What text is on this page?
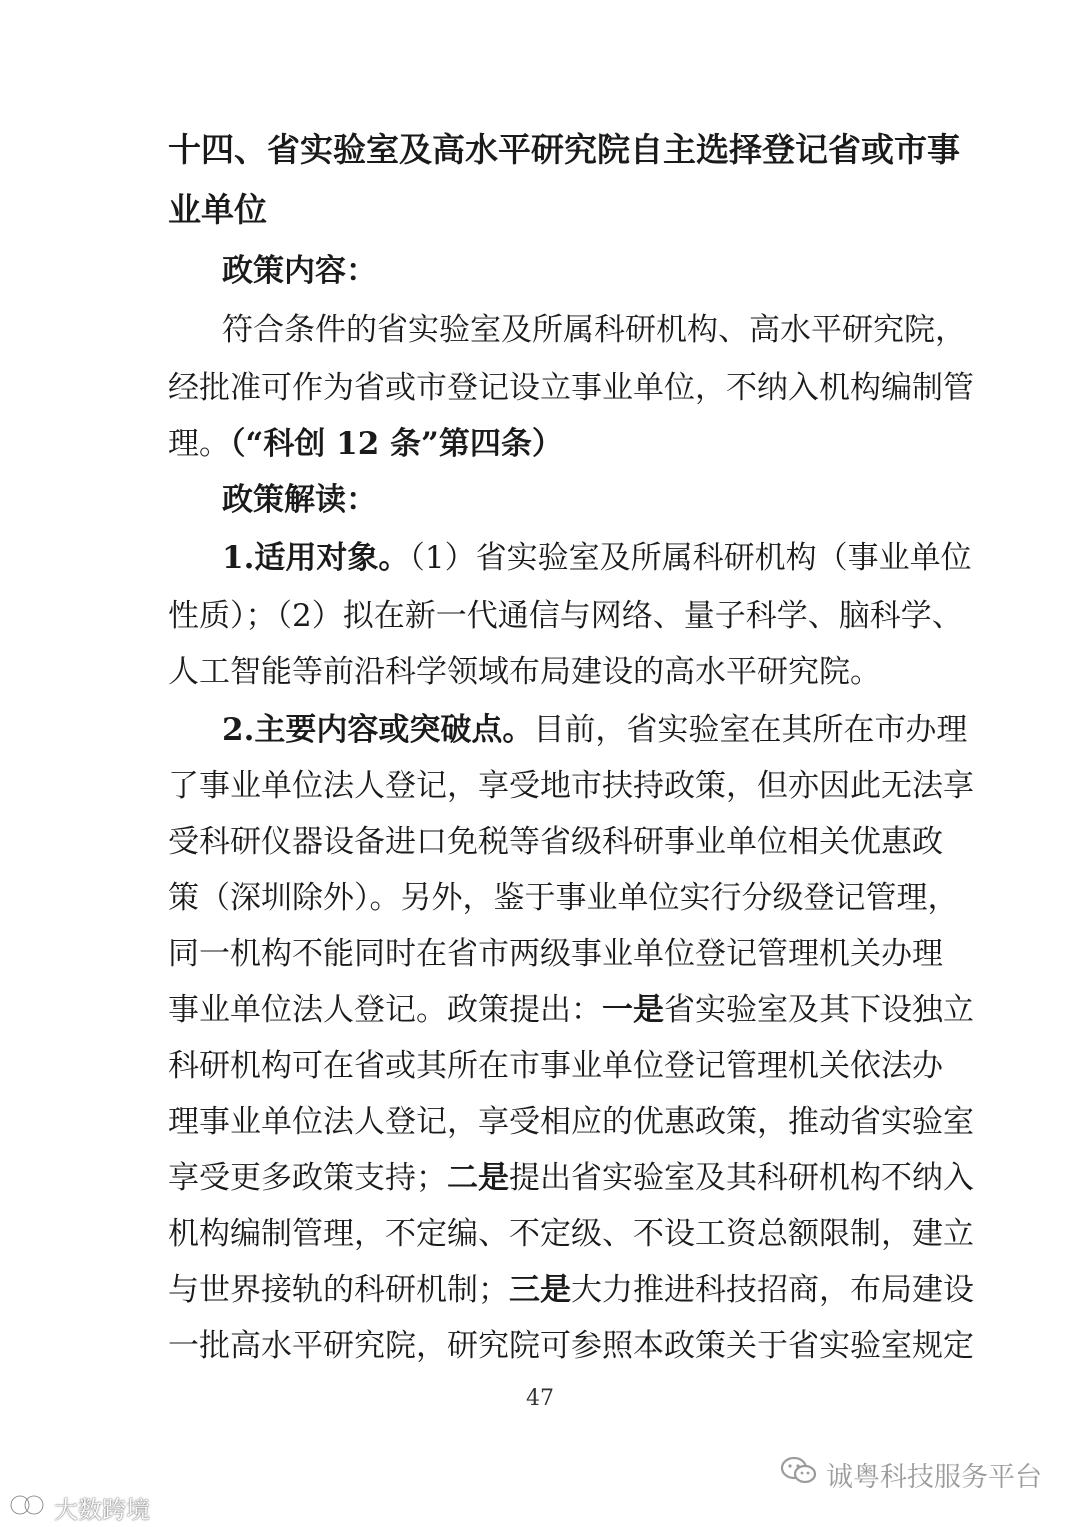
十四、省实验室及高水平研究院自主选择登记省或市事
业单位
政策内容：
符合条件的省实验室及所属科研机构、高水平研究院，
经批准可作为省或市登记设立事业单位，不纳入机构编制管
理。（“科创 12 条”第四条）
政策解读：
1.适用对象。（1）省实验室及所属科研机构（事业单位
性质）；（2）拟在新一代通信与网络、量子科学、脑科学、
人工智能等前沿科学领域布局建设的高水平研究院。
2.主要内容或突破点。目前，省实验室在其所在市办理
了事业单位法人登记，享受地市扶持政策，但亦因此无法享
受科研仪器设备进口免税等省级科研事业单位相关优惠政
策（深圳除外）。另外，鉴于事业单位实行分级登记管理，
同一机构不能同时在省市两级事业单位登记管理机关办理
事业单位法人登记。政策提出：一是省实验室及其下设独立
科研机构可在省或其所在市事业单位登记管理机关依法办
理事业单位法人登记，享受相应的优惠政策，推动省实验室
享受更多政策支持；二是提出省实验室及其科研机构不纳入
机构编制管理，不定编、不定级、不设工资总额限制，建立
与世界接轨的科研机制；三是大力推进科技招商，布局建设
一批高水平研究院，研究院可参照本政策关于省实验室规定
47
诚粤科技服务平台
大数跨境
